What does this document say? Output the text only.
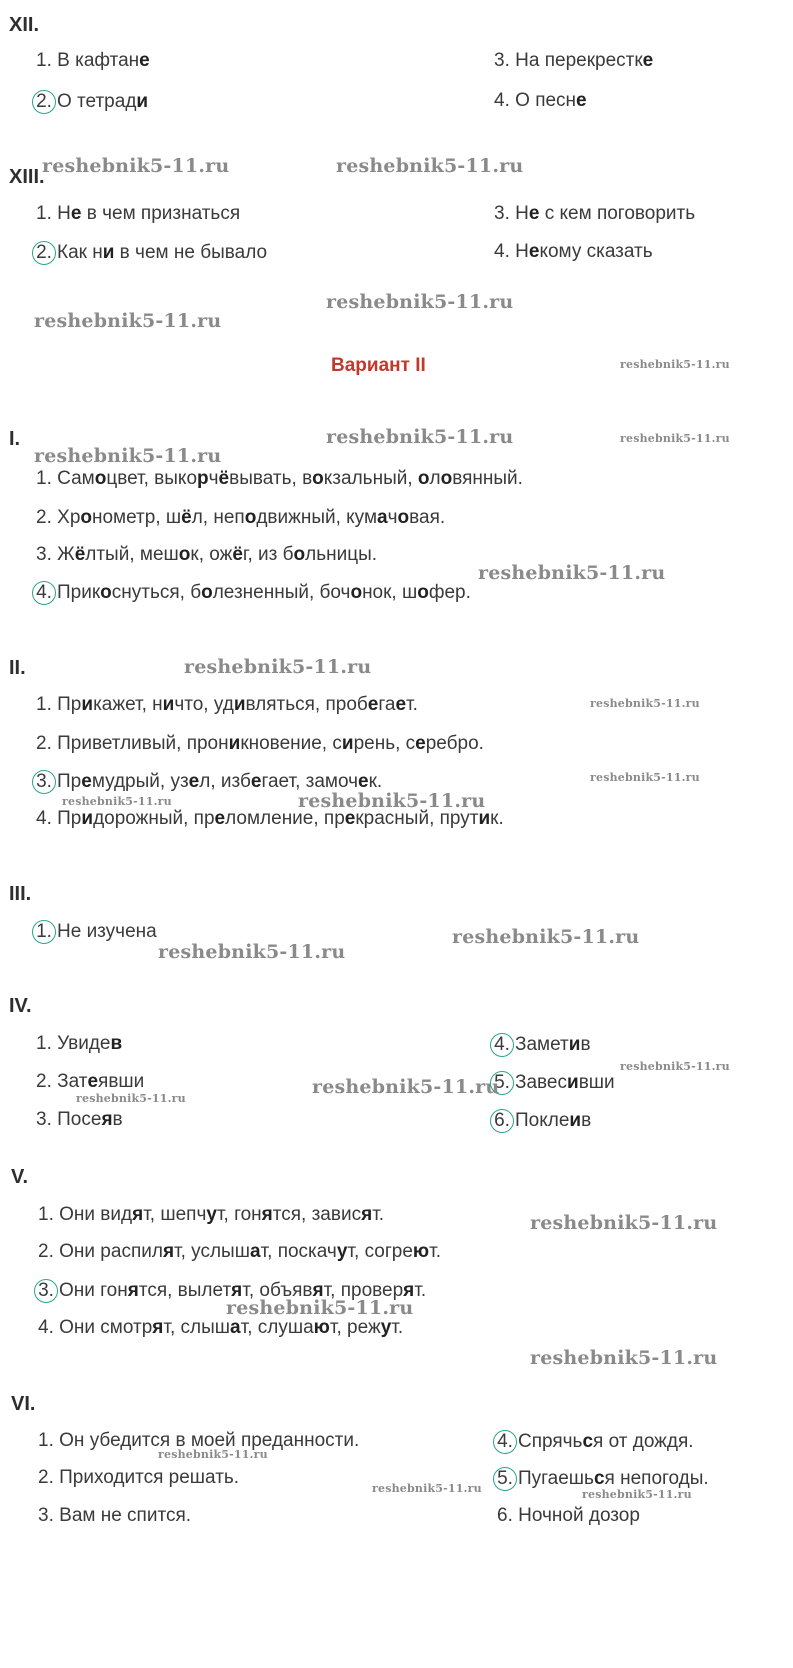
XII.
1. В кафтане
2. О тетради
3. На перекрестке
4. О песне
XIII.
1. Не в чем признаться
2. Как ни в чем не бывало
3. Не с кем поговорить
4. Некому сказать
Вариант II
I.
1. Самоцвет, выкорчёвывать, вокзальный, оловянный.
2. Хронометр, шёл, неподвижный, кумачовая.
3. Жёлтый, мешок, ожёг, из больницы.
4. Прикоснуться, болезненный, бочонок, шофер.
II.
1. Прикажет, ничто, удивляться, пробегает.
2. Приветливый, проникновение, сирень, серебро.
3. Премудрый, узел, избегает, замочек.
4. Придорожный, преломление, прекрасный, прутик.
III.
1. Не изучена
IV.
1. Увидев
2. Затеявши
3. Посеяв
4. Заметив
5. Завесивши
6. Поклеив
V.
1. Они видят, шепчут, гонятся, зависят.
2. Они распилят, услышат, поскачут, согреют.
3. Они гонятся, вылетят, объявят, проверят.
4. Они смотрят, слышат, слушают, режут.
VI.
1. Он убедится в моей преданности.
2. Приходится решать.
3. Вам не спится.
4. Спрячься от дождя.
5. Пугаешься непогоды.
6. Ночной дозор
reshebnik5-11.ru	reshebnik5-11.ru
reshebnik5-11.ru
reshebnik5-11.ru
reshebnik5-11.ru
reshebnik5-11.ru	reshebnik5-11.ru
reshebnik5-11.ru
reshebnik5-11.ru
reshebnik5-11.ru
reshebnik5-11.ru
reshebnik5-11.ru
reshebnik5-11.ru	reshebnik5-11.ru
reshebnik5-11.ru
reshebnik5-11.ru
reshebnik5-11.ru
reshebnik5-11.ru
reshebnik5-11.ru
reshebnik5-11.ru
reshebnik5-11.ru
reshebnik5-11.ru
reshebnik5-11.ru
reshebnik5-11.ru	reshebnik5-11.ru
